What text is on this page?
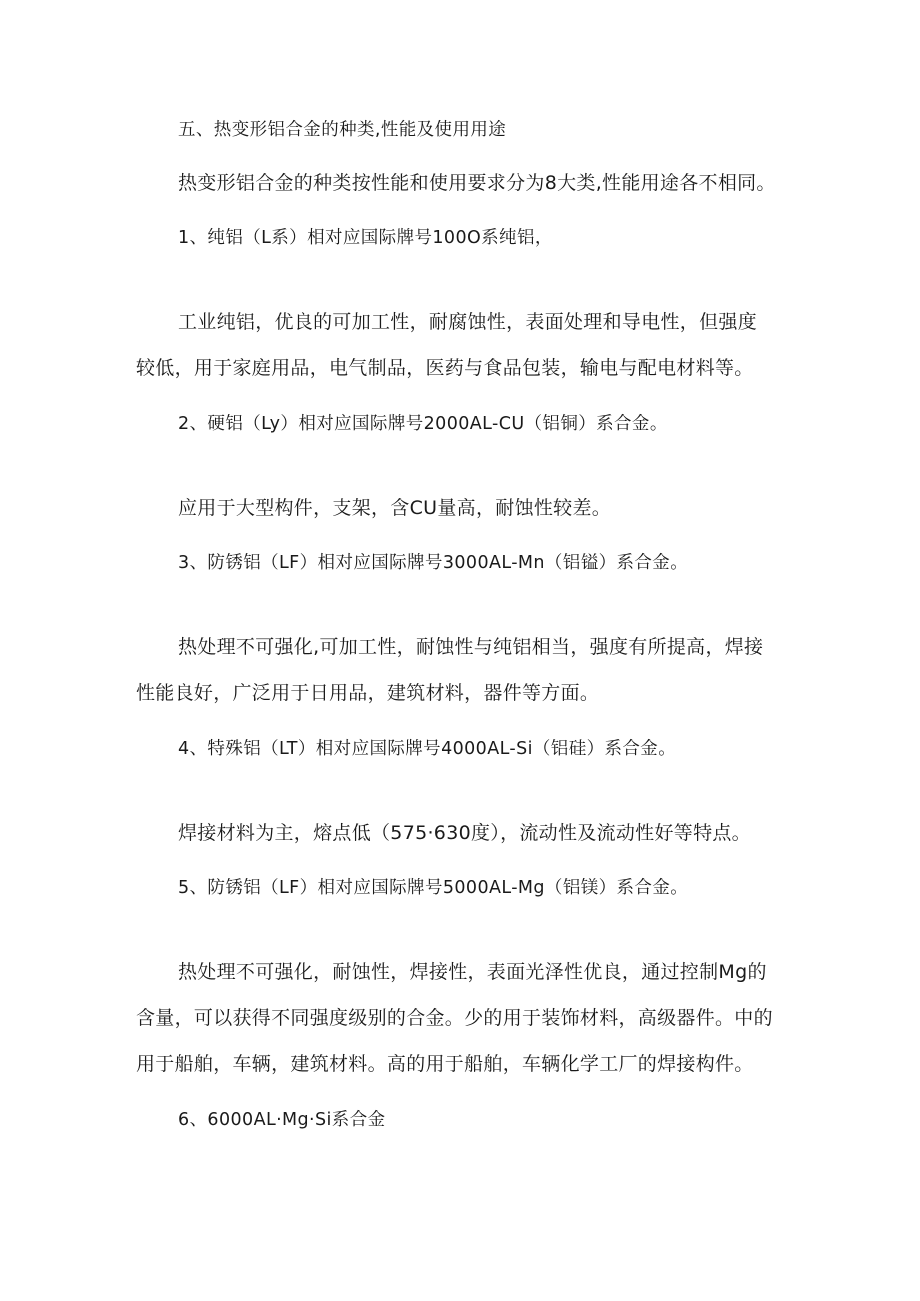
五、热变形铝合金的种类,性能及使用用途
热变形铝合金的种类按性能和使用要求分为8大类,性能用途各不相同。
1、纯铝（L系）相对应国际牌号100O系纯铝，
工业纯铝，优良的可加工性，耐腐蚀性，表面处理和导电性，但强度
较低，用于家庭用品，电气制品，医药与食品包装，输电与配电材料等。
2、硬铝（Ly）相对应国际牌号2000AL-CU（铝铜）系合金。
应用于大型构件，支架，含CU量高，耐蚀性较差。
3、防锈铝（LF）相对应国际牌号3000AL-Mn（铝镒）系合金。
热处理不可强化,可加工性，耐蚀性与纯铝相当，强度有所提高，焊接
性能良好，广泛用于日用品，建筑材料，器件等方面。
4、特殊铝（LT）相对应国际牌号4000AL-Si（铝硅）系合金。
焊接材料为主，熔点低（575·630度），流动性及流动性好等特点。
5、防锈铝（LF）相对应国际牌号5000AL-Mg（铝镁）系合金。
热处理不可强化，耐蚀性，焊接性，表面光泽性优良，通过控制Mg的
含量，可以获得不同强度级别的合金。少的用于装饰材料，高级器件。中的
用于船舶，车辆，建筑材料。高的用于船舶，车辆化学工厂的焊接构件。
6、6000AL·Mg·Si系合金
